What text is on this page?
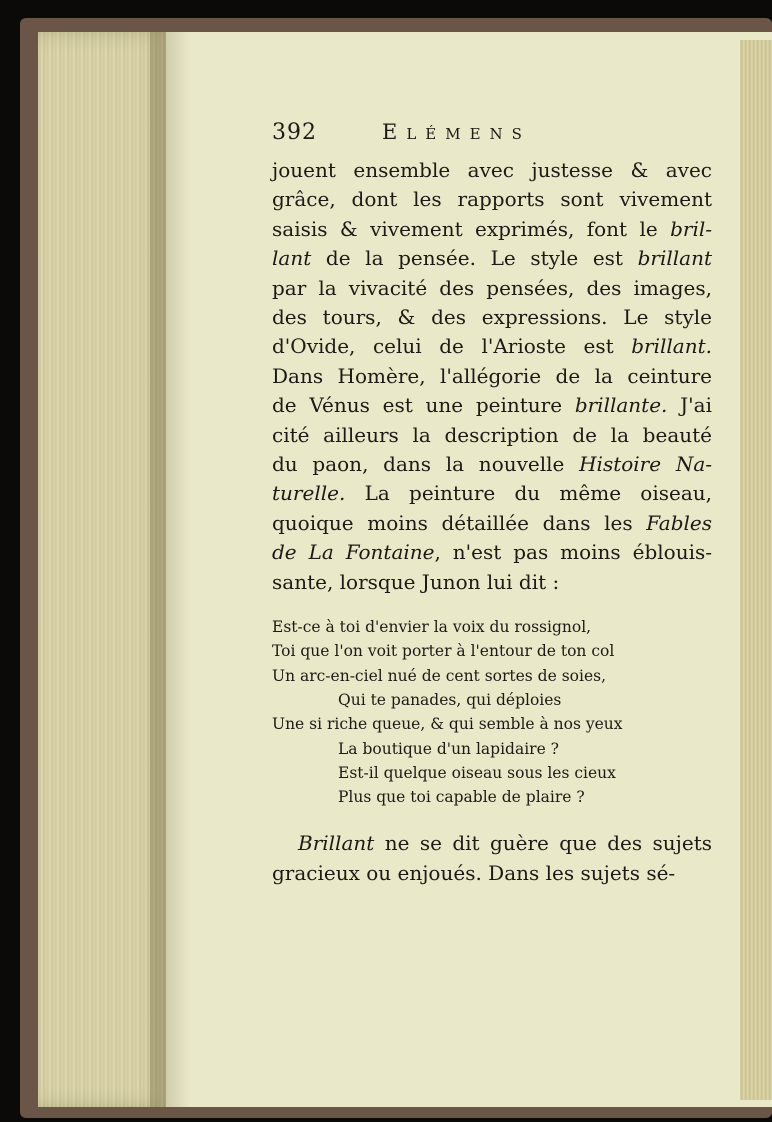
392	Elémens

jouent ensemble avec justesse & avec
grâce, dont les rapports sont vivement
saisis & vivement exprimés, font le bril-
lant de la pensée. Le style est brillant
par la vivacité des pensées, des images,
des tours, & des expressions. Le style
d'Ovide, celui de l'Arioste est brillant.
Dans Homère, l'allégorie de la ceinture
de Vénus est une peinture brillante. J'ai
cité ailleurs la description de la beauté
du paon, dans la nouvelle Histoire Na-
turelle. La peinture du même oiseau,
quoique moins détaillée dans les Fables
de La Fontaine, n'est pas moins éblouis-
sante, lorsque Junon lui dit :

Est-ce à toi d'envier la voix du rossignol,
Toi que l'on voit porter à l'entour de ton col
Un arc-en-ciel nué de cent sortes de soies,
Qui te panades, qui déploies
Une si riche queue, & qui semble à nos yeux
La boutique d'un lapidaire ?
Est-il quelque oiseau sous les cieux
Plus que toi capable de plaire ?

Brillant ne se dit guère que des sujets
gracieux ou enjoués. Dans les sujets sé-
